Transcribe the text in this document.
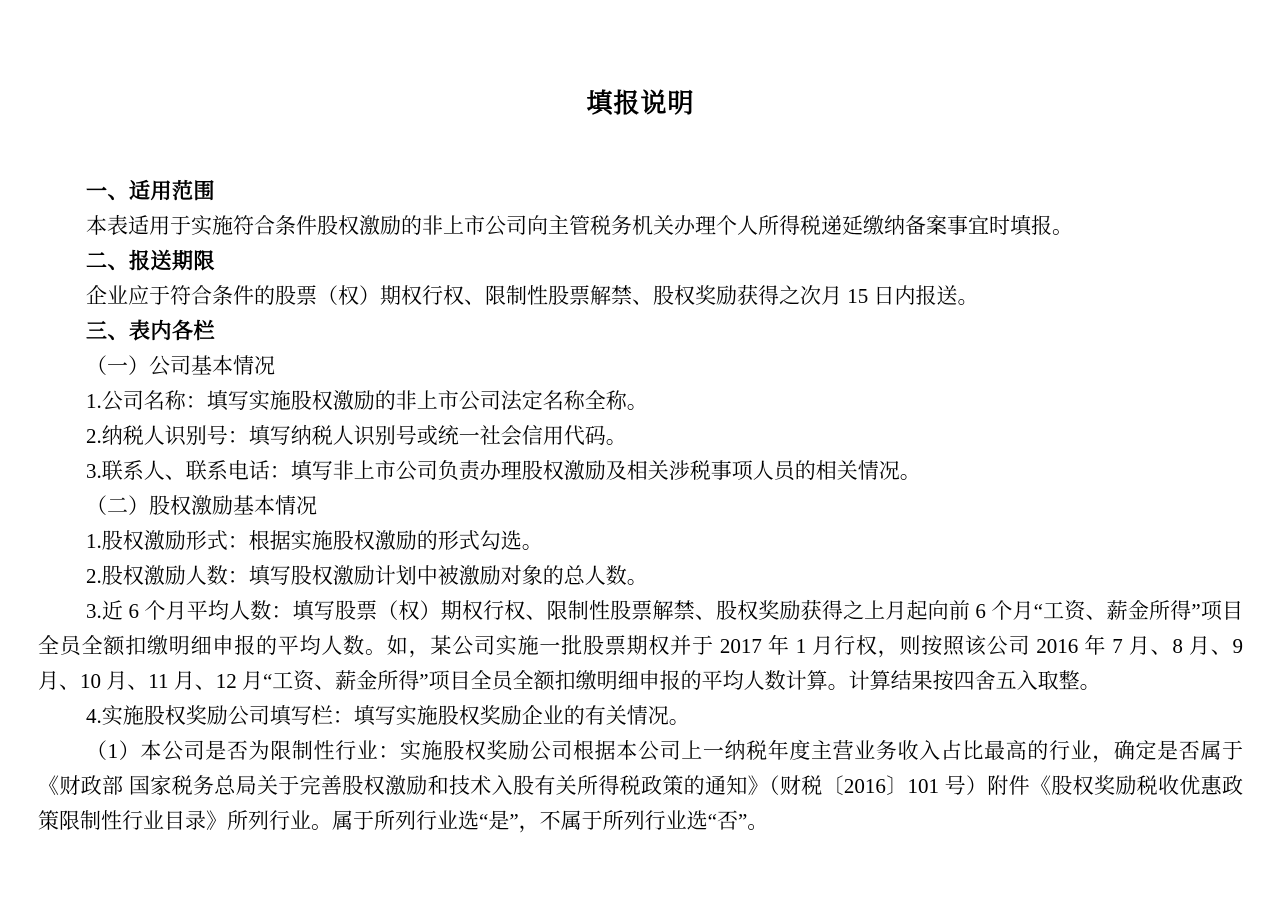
填报说明

一、适用范围

本表适用于实施符合条件股权激励的非上市公司向主管税务机关办理个人所得税递延缴纳备案事宜时填报。

二、报送期限

企业应于符合条件的股票（权）期权行权、限制性股票解禁、股权奖励获得之次月 15 日内报送。

三、表内各栏

（一）公司基本情况

1.公司名称：填写实施股权激励的非上市公司法定名称全称。

2.纳税人识别号：填写纳税人识别号或统一社会信用代码。

3.联系人、联系电话：填写非上市公司负责办理股权激励及相关涉税事项人员的相关情况。

（二）股权激励基本情况

1.股权激励形式：根据实施股权激励的形式勾选。

2.股权激励人数：填写股权激励计划中被激励对象的总人数。

3.近 6 个月平均人数：填写股票（权）期权行权、限制性股票解禁、股权奖励获得之上月起向前 6 个月“工资、薪金所得”项目全员全额扣缴明细申报的平均人数。如，某公司实施一批股票期权并于 2017 年 1 月行权，则按照该公司 2016 年 7 月、8 月、9 月、10 月、11 月、12 月“工资、薪金所得”项目全员全额扣缴明细申报的平均人数计算。计算结果按四舍五入取整。

4.实施股权奖励公司填写栏：填写实施股权奖励企业的有关情况。

（1）本公司是否为限制性行业：实施股权奖励公司根据本公司上一纳税年度主营业务收入占比最高的行业，确定是否属于《财政部 国家税务总局关于完善股权激励和技术入股有关所得税政策的通知》（财税〔2016〕101 号）附件《股权奖励税收优惠政策限制性行业目录》所列行业。属于所列行业选“是”，不属于所列行业选“否”。
